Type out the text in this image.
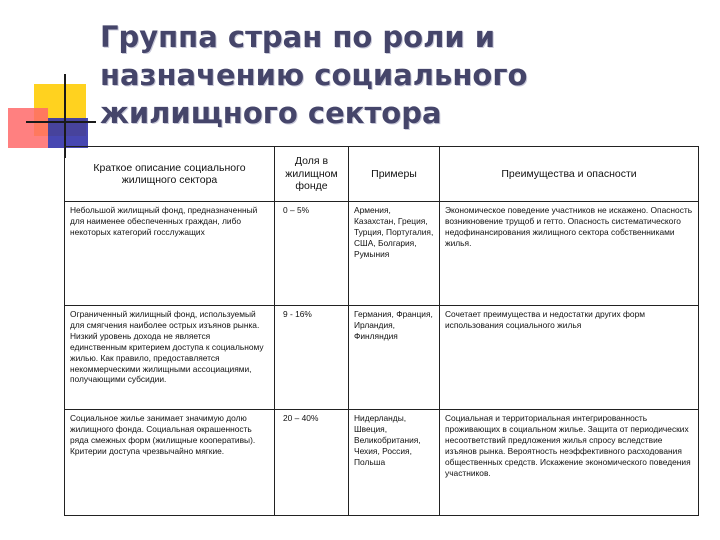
Группа стран по роли и назначению социального жилищного сектора
Краткое описание социального жилищного сектора	Доля в жилищном фонде	Примеры	Преимущества и опасности
Небольшой жилищный фонд, предназначенный для наименее обеспеченных граждан, либо некоторых категорий госслужащих	0 – 5%	Армения, Казахстан, Греция, Турция, Португалия, США, Болгария, Румыния	Экономическое поведение участников не искажено. Опасность возникновение трущоб и гетто. Опасность систематического недофинансирования жилищного сектора собственниками жилья.
Ограниченный жилищный фонд, используемый для смягчения наиболее острых изъянов рынка. Низкий уровень дохода не является единственным критерием доступа к социальному жилью. Как правило, предоставляется некоммерческими жилищными ассоциациями, получающими субсидии.	9 - 16%	Германия, Франция, Ирландия, Финляндия	Сочетает преимущества и недостатки других форм использования социального жилья
Социальное жилье занимает значимую долю жилищного фонда. Социальная окрашенность ряда смежных форм (жилищные кооперативы). Критерии доступа чрезвычайно мягкие.	20 – 40%	Нидерланды, Швеция, Великобритания, Чехия, Россия, Польша	Социальная и территориальная интегрированность проживающих в социальном жилье. Защита от периодических несоответствий предложения жилья спросу вследствие изъянов рынка. Вероятность неэффективного расходования общественных средств. Искажение экономического поведения участников.
